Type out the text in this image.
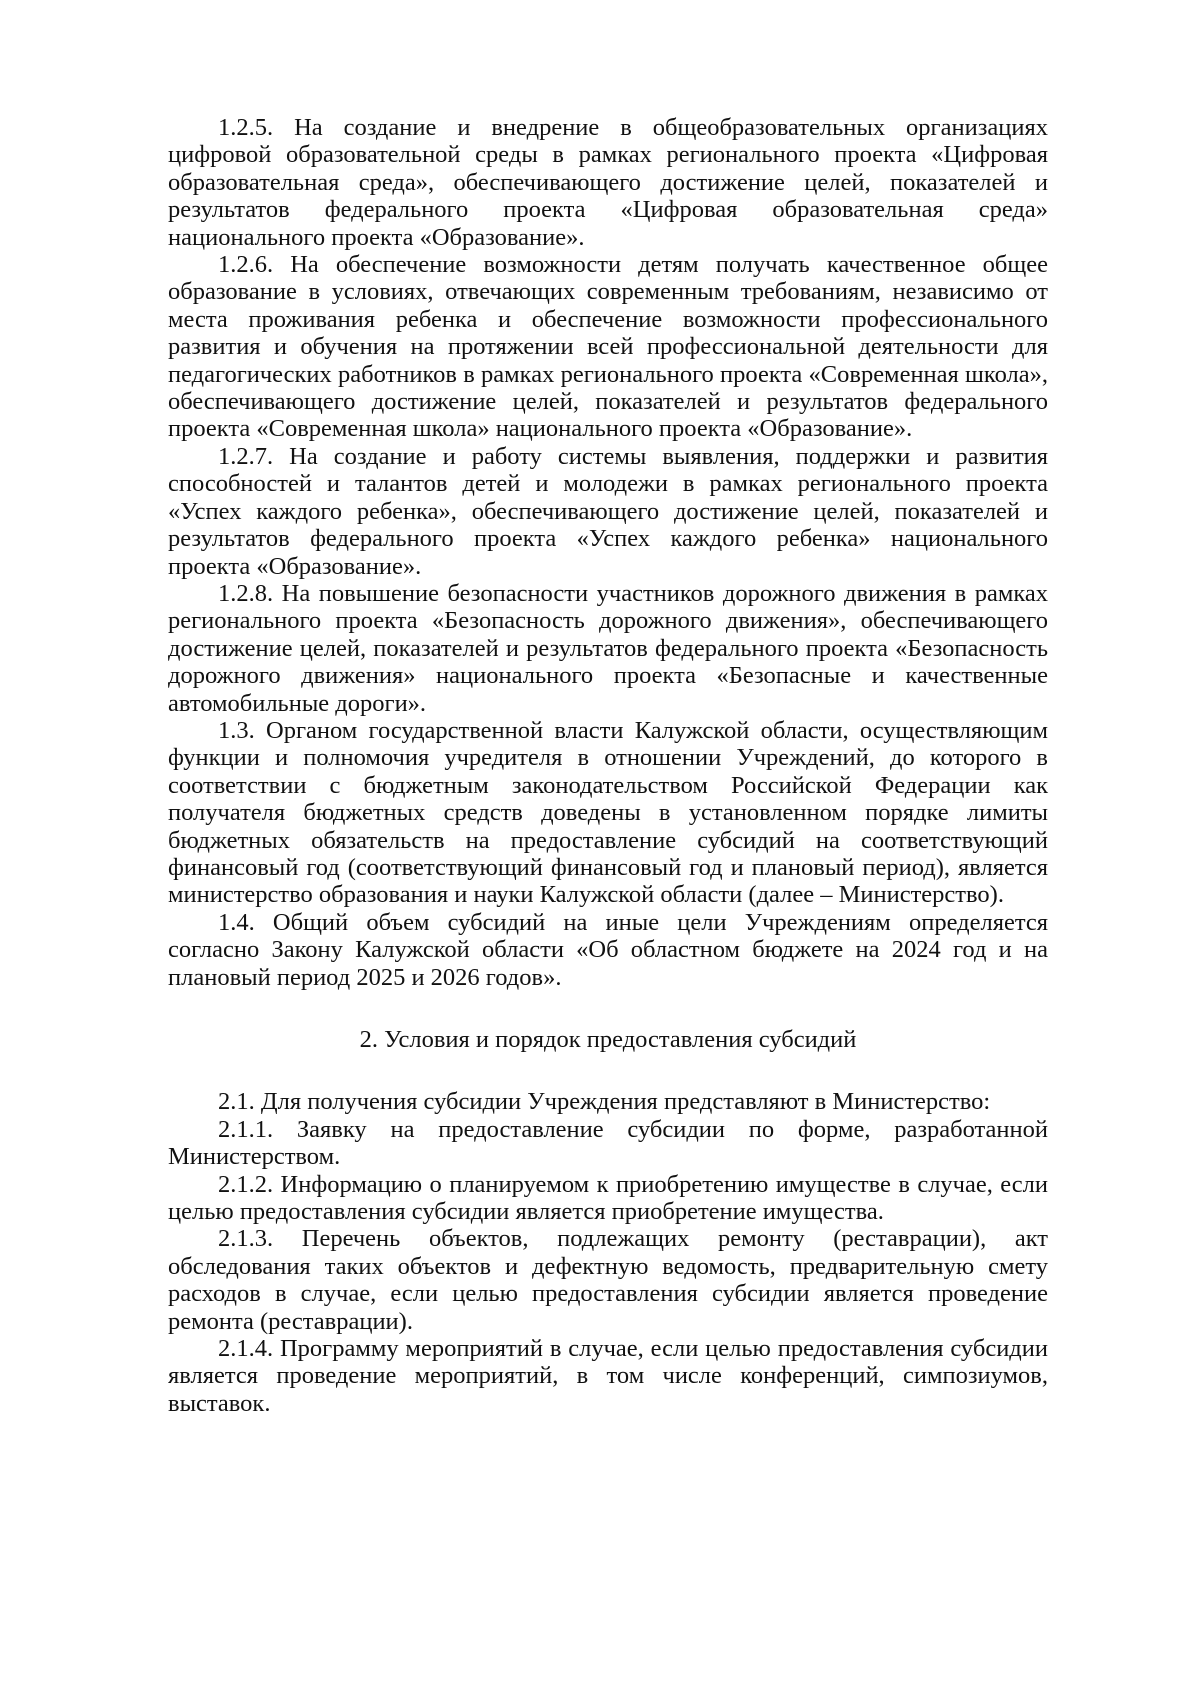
1.2.5. На создание и внедрение в общеобразовательных организациях цифровой образовательной среды в рамках регионального проекта «Цифровая образовательная среда», обеспечивающего достижение целей, показателей и результатов федерального проекта «Цифровая образовательная среда» национального проекта «Образование».

1.2.6. На обеспечение возможности детям получать качественное общее образование в условиях, отвечающих современным требованиям, независимо от места проживания ребенка и обеспечение возможности профессионального развития и обучения на протяжении всей профессиональной деятельности для педагогических работников в рамках регионального проекта «Современная школа», обеспечивающего достижение целей, показателей и результатов федерального проекта «Современная школа» национального проекта «Образование».

1.2.7. На создание и работу системы выявления, поддержки и развития способностей и талантов детей и молодежи в рамках регионального проекта «Успех каждого ребенка», обеспечивающего достижение целей, показателей и результатов федерального проекта «Успех каждого ребенка» национального проекта «Образование».

1.2.8. На повышение безопасности участников дорожного движения в рамках регионального проекта «Безопасность дорожного движения», обеспечивающего достижение целей, показателей и результатов федерального проекта «Безопасность дорожного движения» национального проекта «Безопасные и качественные автомобильные дороги».

1.3. Органом государственной власти Калужской области, осуществляющим функции и полномочия учредителя в отношении Учреждений, до которого в соответствии с бюджетным законодательством Российской Федерации как получателя бюджетных средств доведены в установленном порядке лимиты бюджетных обязательств на предоставление субсидий на соответствующий финансовый год (соответствующий финансовый год и плановый период), является министерство образования и науки Калужской области (далее – Министерство).

1.4. Общий объем субсидий на иные цели Учреждениям определяется согласно Закону Калужской области «Об областном бюджете на 2024 год и на плановый период 2025 и 2026 годов».

2. Условия и порядок предоставления субсидий

2.1. Для получения субсидии Учреждения представляют в Министерство:

2.1.1. Заявку на предоставление субсидии по форме, разработанной Министерством.

2.1.2. Информацию о планируемом к приобретению имуществе в случае, если целью предоставления субсидии является приобретение имущества.

2.1.3. Перечень объектов, подлежащих ремонту (реставрации), акт обследования таких объектов и дефектную ведомость, предварительную смету расходов в случае, если целью предоставления субсидии является проведение ремонта (реставрации).

2.1.4. Программу мероприятий в случае, если целью предоставления субсидии является проведение мероприятий, в том числе конференций, симпозиумов, выставок.
